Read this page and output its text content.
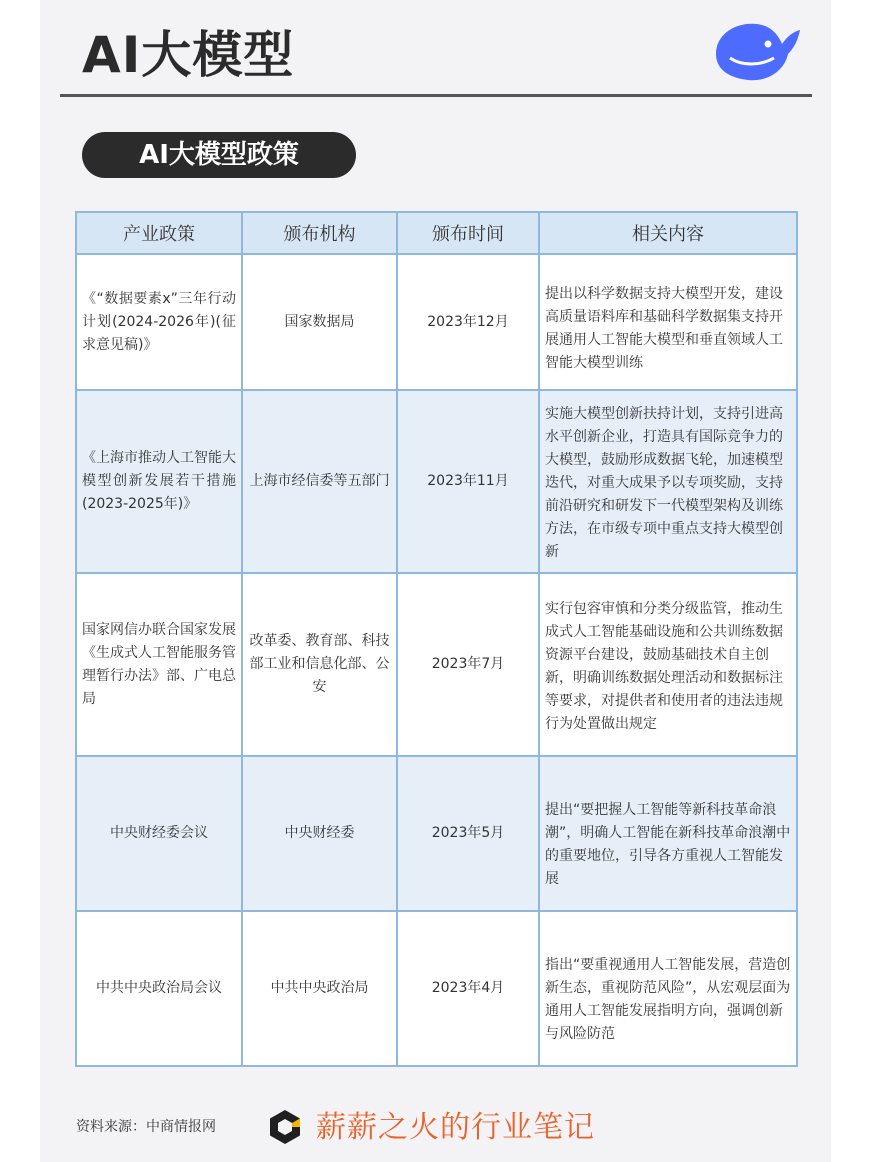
AI大模型
AI大模型政策
产业政策	颁布机构	颁布时间	相关内容
《“数据要素x”三年行动计划(2024-2026年)(征求意见稿)》	国家数据局	2023年12月	提出以科学数据支持大模型开发，建设高质量语料库和基础科学数据集支持开展通用人工智能大模型和垂直领域人工智能大模型训练

《上海市推动人工智能大模型创新发展若干措施(2023-2025年)》	上海市经信委等五部门	2023年11月	实施大模型创新扶持计划，支持引进高水平创新企业，打造具有国际竞争力的大模型，鼓励形成数据飞轮，加速模型迭代，对重大成果予以专项奖励，支持前沿研究和研发下一代模型架构及训练方法，在市级专项中重点支持大模型创新

国家网信办联合国家发展《生成式人工智能服务管理暂行办法》部、广电总局	改革委、教育部、科技部工业和信息化部、公安	2023年7月	实行包容审慎和分类分级监管，推动生成式人工智能基础设施和公共训练数据资源平台建设，鼓励基础技术自主创新，明确训练数据处理活动和数据标注等要求，对提供者和使用者的违法违规行为处置做出规定

中央财经委会议	中央财经委	2023年5月	提出“要把握人工智能等新科技革命浪潮”，明确人工智能在新科技革命浪潮中的重要地位，引导各方重视人工智能发展

中共中央政治局会议	中共中央政治局	2023年4月	指出“要重视通用人工智能发展，营造创新生态，重视防范风险”，从宏观层面为通用人工智能发展指明方向，强调创新与风险防范
资料来源：中商情报网	薪薪之火的行业笔记
